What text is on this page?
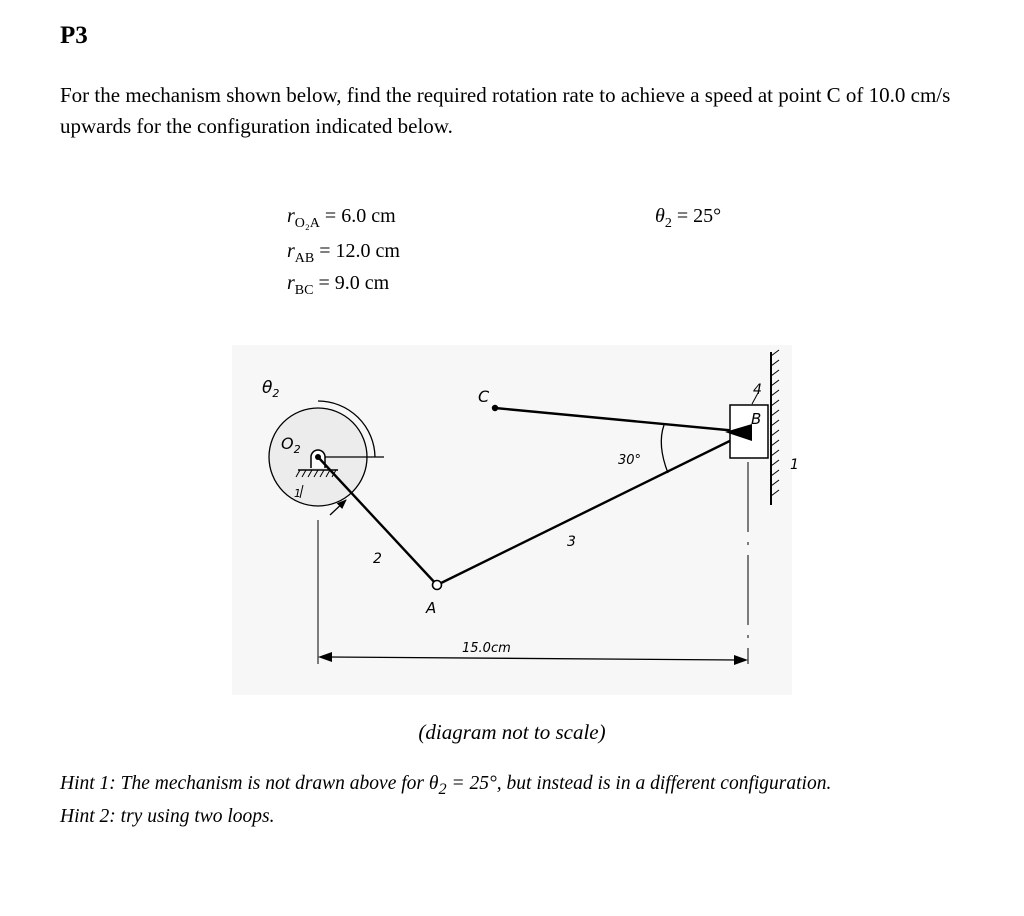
P3
For the mechanism shown below, find the required rotation rate to achieve a speed at point C of 10.0 cm/s upwards for the configuration indicated below.
$r_{O_2A} = 6.0$ cm
$r_{AB} = 12.0$ cm
$r_{BC} = 9.0$ cm
$\theta_2 = 25^\circ$
$\theta_2$
$O_2$
1
2
A
C
3
30°
4
B
1
15.0cm
(diagram not to scale)
Hint 1: The mechanism is not drawn above for $\theta_2 = 25^\circ$, but instead is in a different configuration.
Hint 2: try using two loops.
